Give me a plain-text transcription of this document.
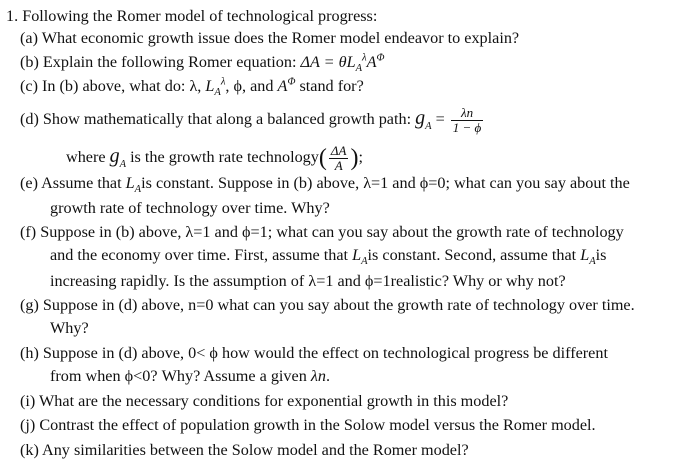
1. Following the Romer model of technological progress:
(a) What economic growth issue does the Romer model endeavor to explain?
(b) Explain the following Romer equation: $\Delta A = \theta L_A^\lambda A^\Phi$
(c) In (b) above, what do: λ, $L_A^\lambda$, ϕ, and $A^\Phi$ stand for?
(d) Show mathematically that along a balanced growth path: $g_A = \frac{\lambda n}{1 - \phi}$
where $g_A$ is the growth rate technology( $\frac{\Delta A}{A}$ );
(e) Assume that $L_Ais$ constant. Suppose in (b) above, λ=1 and ϕ=0; what can you say about the
growth rate of technology over time. Why?
(f) Suppose in (b) above, λ=1 and ϕ=1; what can you say about the growth rate of technology
and the economy over time. First, assume that $L_Ais$ constant. Second, assume that $L_Ais$
increasing rapidly. Is the assumption of λ=1 and ϕ=1realistic? Why or why not?
(g) Suppose in (d) above, n=0 what can you say about the growth rate of technology over time.
Why?
(h) Suppose in (d) above, 0< ϕ how would the effect on technological progress be different
from when ϕ<0? Why? Assume a given λn.
(i) What are the necessary conditions for exponential growth in this model?
(j) Contrast the effect of population growth in the Solow model versus the Romer model.
(k) Any similarities between the Solow model and the Romer model?
